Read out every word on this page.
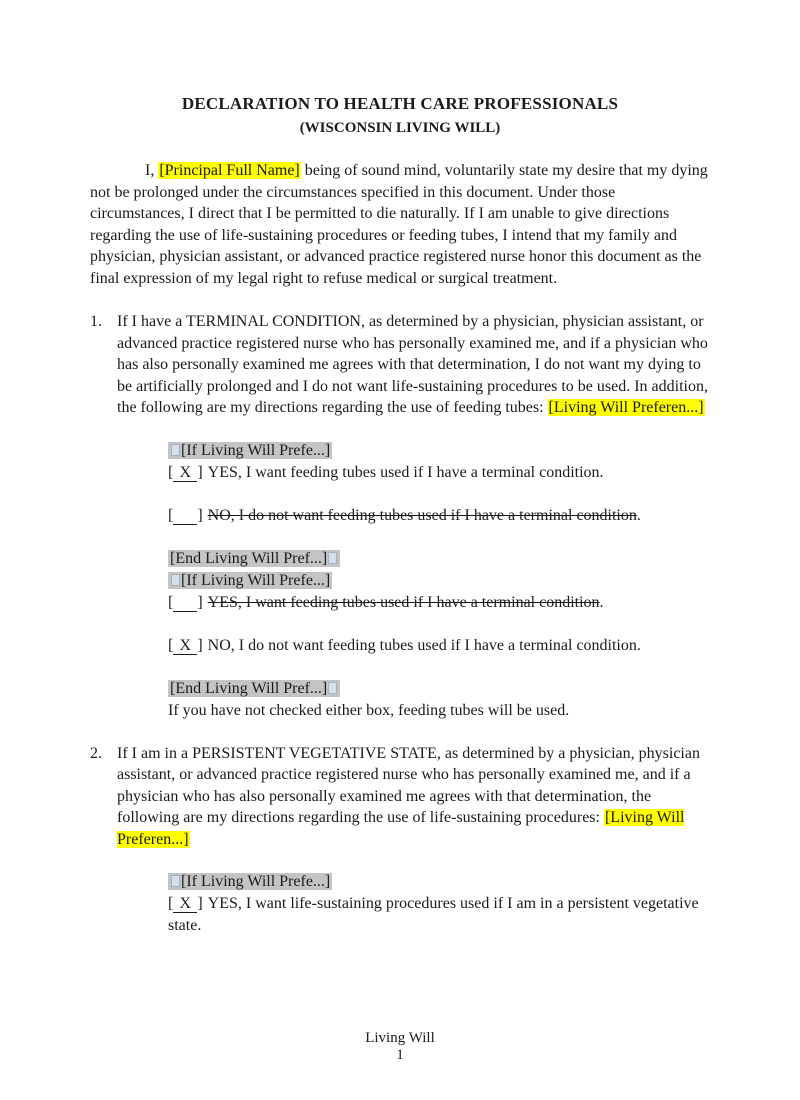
DECLARATION TO HEALTH CARE PROFESSIONALS
(WISCONSIN LIVING WILL)

I, [Principal Full Name] being of sound mind, voluntarily state my desire that my dying not be prolonged under the circumstances specified in this document. Under those circumstances, I direct that I be permitted to die naturally. If I am unable to give directions regarding the use of life-sustaining procedures or feeding tubes, I intend that my family and physician, physician assistant, or advanced practice registered nurse honor this document as the final expression of my legal right to refuse medical or surgical treatment.

1. If I have a TERMINAL CONDITION, as determined by a physician, physician assistant, or advanced practice registered nurse who has personally examined me, and if a physician who has also personally examined me agrees with that determination, I do not want my dying to be artificially prolonged and I do not want life-sustaining procedures to be used. In addition, the following are my directions regarding the use of feeding tubes: [Living Will Preferen...]
[If Living Will Prefe...]
[ X ] YES, I want feeding tubes used if I have a terminal condition.
[ ] NO, I do not want feeding tubes used if I have a terminal condition.
[End Living Will Pref...]
[If Living Will Prefe...]
[ ] YES, I want feeding tubes used if I have a terminal condition.
[ X ] NO, I do not want feeding tubes used if I have a terminal condition.
[End Living Will Pref...]
If you have not checked either box, feeding tubes will be used.
2. If I am in a PERSISTENT VEGETATIVE STATE, as determined by a physician, physician assistant, or advanced practice registered nurse who has personally examined me, and if a physician who has also personally examined me agrees with that determination, the following are my directions regarding the use of life-sustaining procedures: [Living Will Preferen...]
[If Living Will Prefe...]
[ X ] YES, I want life-sustaining procedures used if I am in a persistent vegetative state.
Living Will
1
